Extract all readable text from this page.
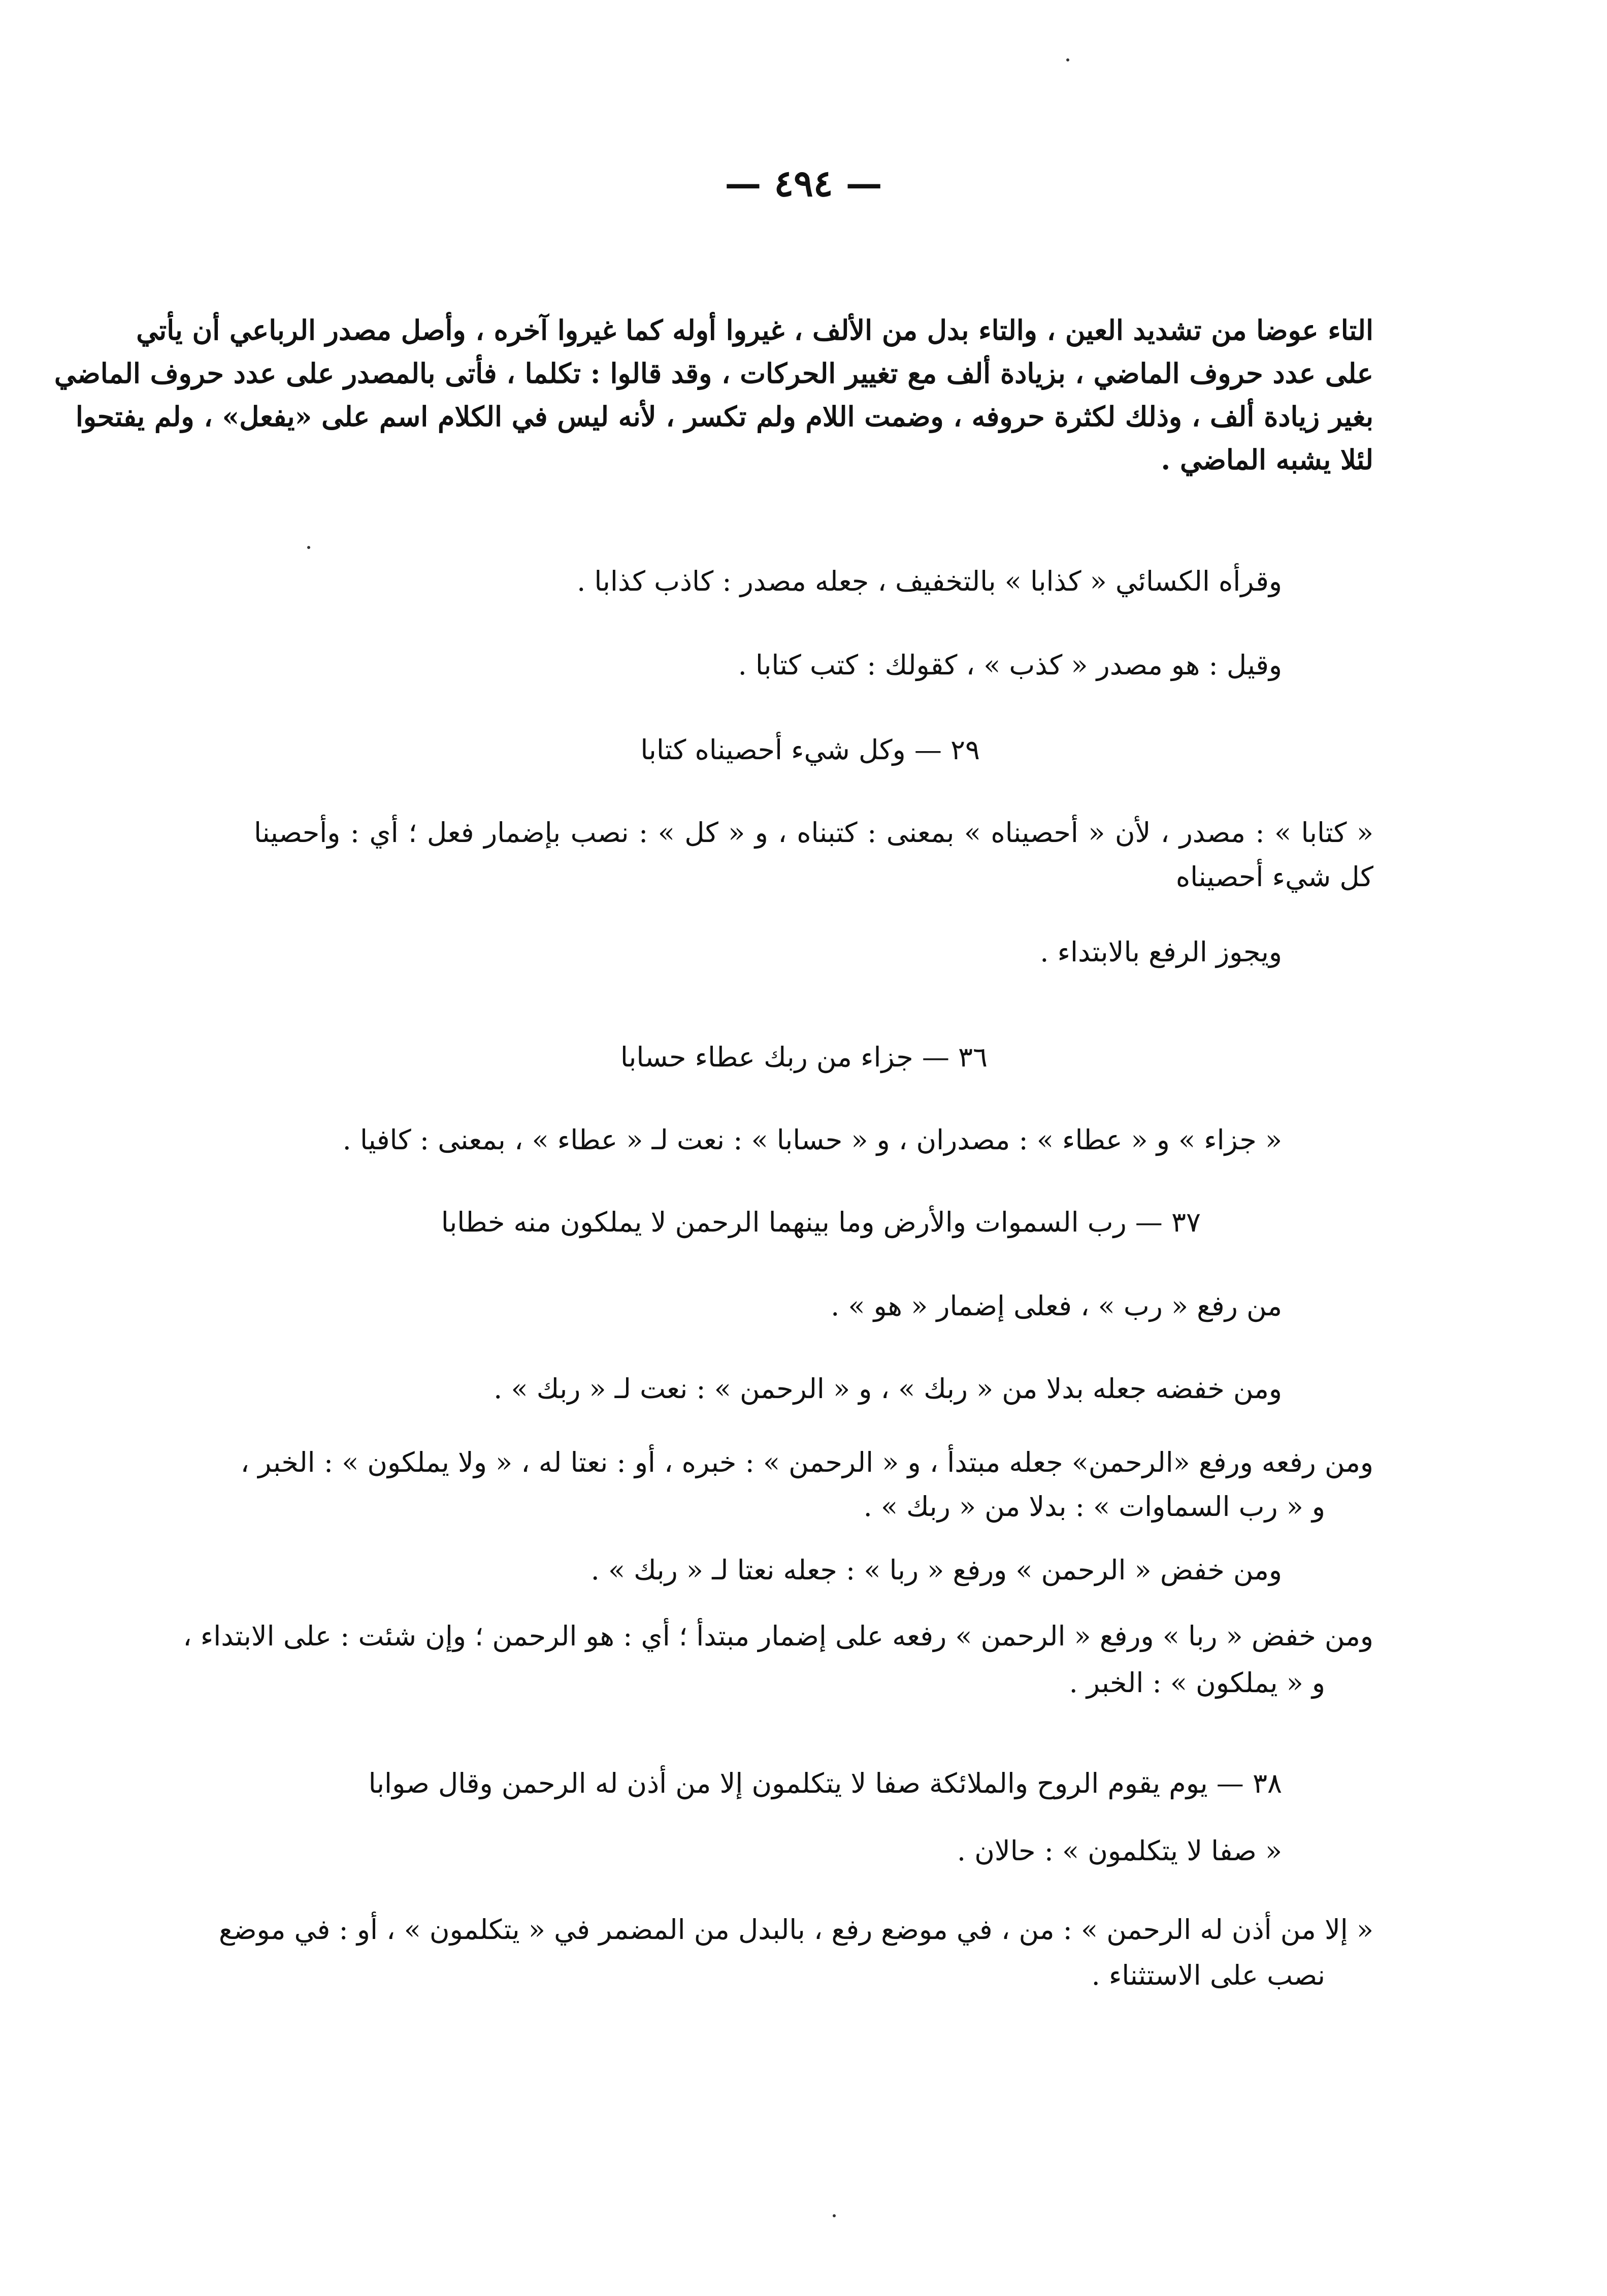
— ٤٩٤ —
التاء عوضا من تشديد العين ، والتاء بدل من الألف ، غيروا أوله كما غيروا آخره ، وأصل مصدر الرباعي أن يأتي
على عدد حروف الماضي ، بزيادة ألف مع تغيير الحركات ، وقد قالوا : تكلما ، فأتى بالمصدر على عدد حروف الماضي
بغير زيادة ألف ، وذلك لكثرة حروفه ، وضمت اللام ولم تكسر ، لأنه ليس في الكلام اسم على «يفعل» ، ولم يفتحوا
لئلا يشبه الماضي .
وقرأه الكسائي « كذابا » بالتخفيف ، جعله مصدر : كاذب كذابا .
وقيل : هو مصدر « كذب » ، كقولك : كتب كتابا .
٢٩ — وكل شيء أحصيناه كتابا
« كتابا » : مصدر ، لأن « أحصيناه » بمعنى : كتبناه ، و « كل » : نصب بإضمار فعل ؛ أي : وأحصينا
كل شيء أحصيناه
ويجوز الرفع بالابتداء .
٣٦ — جزاء من ربك عطاء حسابا
« جزاء » و « عطاء » : مصدران ، و « حسابا » : نعت لـ « عطاء » ، بمعنى : كافيا .
٣٧ — رب السموات والأرض وما بينهما الرحمن لا يملكون منه خطابا
من رفع « رب » ، فعلى إضمار « هو » .
ومن خفضه جعله بدلا من « ربك » ، و « الرحمن » : نعت لـ « ربك » .
ومن رفعه ورفع «الرحمن» جعله مبتدأ ، و « الرحمن » : خبره ، أو : نعتا له ، « ولا يملكون » : الخبر ،
و « رب السماوات » : بدلا من « ربك » .
ومن خفض « الرحمن » ورفع « ربا » : جعله نعتا لـ « ربك » .
ومن خفض « ربا » ورفع « الرحمن » رفعه على إضمار مبتدأ ؛ أي : هو الرحمن ؛ وإن شئت : على الابتداء ،
و « يملكون » : الخبر .
٣٨ — يوم يقوم الروح والملائكة صفا لا يتكلمون إلا من أذن له الرحمن وقال صوابا
« صفا لا يتكلمون » : حالان .
« إلا من أذن له الرحمن » : من ، في موضع رفع ، بالبدل من المضمر في « يتكلمون » ، أو : في موضع
نصب على الاستثناء .
